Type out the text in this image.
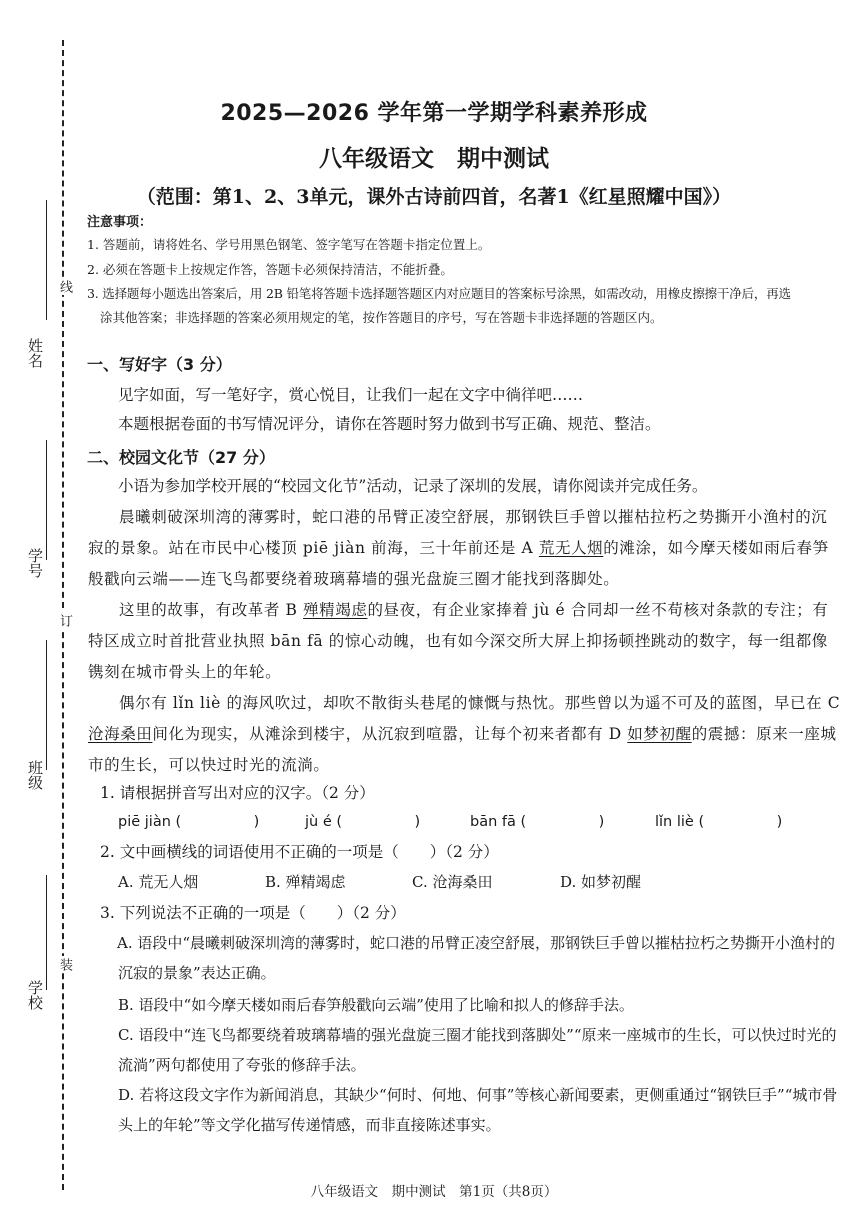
姓名
学号
班级
学校
线
订
装
2025—2026 学年第一学期学科素养形成
八年级语文　期中测试
（范围：第1、2、3单元，课外古诗前四首，名著1《红星照耀中国》）
注意事项：
1. 答题前，请将姓名、学号用黑色钢笔、签字笔写在答题卡指定位置上。
2. 必须在答题卡上按规定作答，答题卡必须保持清洁，不能折叠。
3. 选择题每小题选出答案后，用 2B 铅笔将答题卡选择题答题区内对应题目的答案标号涂黑，如需改动，用橡皮擦擦干净后，再选
涂其他答案；非选择题的答案必须用规定的笔，按作答题目的序号，写在答题卡非选择题的答题区内。
一、写好字（3 分）
见字如面，写一笔好字，赏心悦目，让我们一起在文字中徜徉吧……
本题根据卷面的书写情况评分，请你在答题时努力做到书写正确、规范、整洁。
二、校园文化节（27 分）
小语为参加学校开展的“校园文化节”活动，记录了深圳的发展，请你阅读并完成任务。
晨曦刺破深圳湾的薄雾时，蛇口港的吊臂正凌空舒展，那钢铁巨手曾以摧枯拉朽之势撕开小渔村的沉寂的景象。站在市民中心楼顶 piē jiàn 前海，三十年前还是 A 荒无人烟的滩涂，如今摩天楼如雨后春笋般戳向云端——连飞鸟都要绕着玻璃幕墙的强光盘旋三圈才能找到落脚处。
这里的故事，有改革者 B 殚精竭虑的昼夜，有企业家捧着 jù é 合同却一丝不苟核对条款的专注；有特区成立时首批营业执照 bān fā 的惊心动魄，也有如今深交所大屏上抑扬顿挫跳动的数字，每一组都像镌刻在城市骨头上的年轮。
偶尔有 lǐn liè 的海风吹过，却吹不散街头巷尾的慷慨与热忱。那些曾以为遥不可及的蓝图，早已在 C 沧海桑田间化为现实，从滩涂到楼宇，从沉寂到喧嚣，让每个初来者都有 D 如梦初醒的震撼：原来一座城市的生长，可以快过时光的流淌。
1. 请根据拼音写出对应的汉字。（2 分）
piē jiàn (　　　　　)	jù é (　　　　　)	bān fā (　　　　　)	lǐn liè (　　　　　)
2. 文中画横线的词语使用不正确的一项是（　　）（2 分）
A. 荒无人烟	B. 殚精竭虑	C. 沧海桑田	D. 如梦初醒
3. 下列说法不正确的一项是（　　）（2 分）
A. 语段中“晨曦刺破深圳湾的薄雾时，蛇口港的吊臂正凌空舒展，那钢铁巨手曾以摧枯拉朽之势撕开小渔村的沉寂的景象”表达正确。
B. 语段中“如今摩天楼如雨后春笋般戳向云端”使用了比喻和拟人的修辞手法。
C. 语段中“连飞鸟都要绕着玻璃幕墙的强光盘旋三圈才能找到落脚处”“原来一座城市的生长，可以快过时光的流淌”两句都使用了夸张的修辞手法。
D. 若将这段文字作为新闻消息，其缺少“何时、何地、何事”等核心新闻要素，更侧重通过“钢铁巨手”“城市骨头上的年轮”等文学化描写传递情感，而非直接陈述事实。
八年级语文　期中测试　第1页（共8页）
